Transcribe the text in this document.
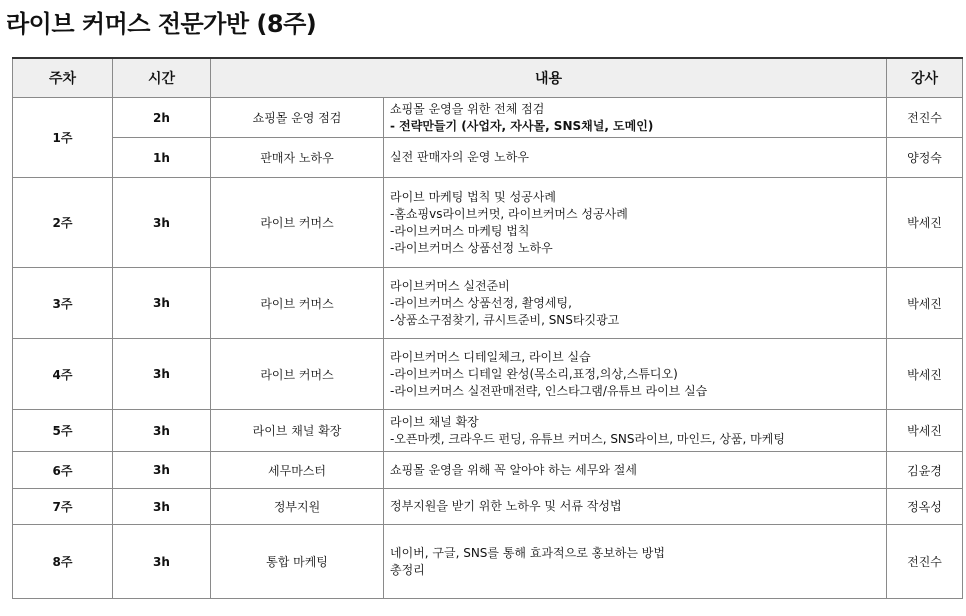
라이브 커머스 전문가반 (8주)
주차	시간	내용		강사
1주	2h	쇼핑몰 운영 점검	쇼핑몰 운영을 위한 전체 점검
- 전략만들기 (사업자, 자사몰, SNS채널, 도메인)	전진수
	1h	판매자 노하우	실전 판매자의 운영 노하우	양정숙
2주	3h	라이브 커머스	라이브 마케팅 법칙 및 성공사례
-홈쇼핑vs라이브커멋, 라이브커머스 성공사례
-라이브커머스 마케팅 법칙
-라이브커머스 상품선정 노하우	박세진
3주	3h	라이브 커머스	라이브커머스 실전준비
-라이브커머스 상품선정, 촬영세팅,
-상품소구점찾기, 큐시트준비, SNS타깃광고	박세진
4주	3h	라이브 커머스	라이브커머스 디테일체크, 라이브 실습
-라이브커머스 디테일 완성(목소리,표정,의상,스튜디오)
-라이브커머스 실전판매전략, 인스타그램/유튜브 라이브 실습	박세진
5주	3h	라이브 채널 확장	라이브 채널 확장
-오픈마켓, 크라우드 펀딩, 유튜브 커머스, SNS라이브, 마인드, 상품, 마케팅	박세진
6주	3h	세무마스터	쇼핑몰 운영을 위해 꼭 알아야 하는 세무와 절세	김윤경
7주	3h	정부지원	정부지원을 받기 위한 노하우 및 서류 작성법	정옥성
8주	3h	통합 마케팅	네이버, 구글, SNS를 통해 효과적으로 홍보하는 방법
총정리	전진수
